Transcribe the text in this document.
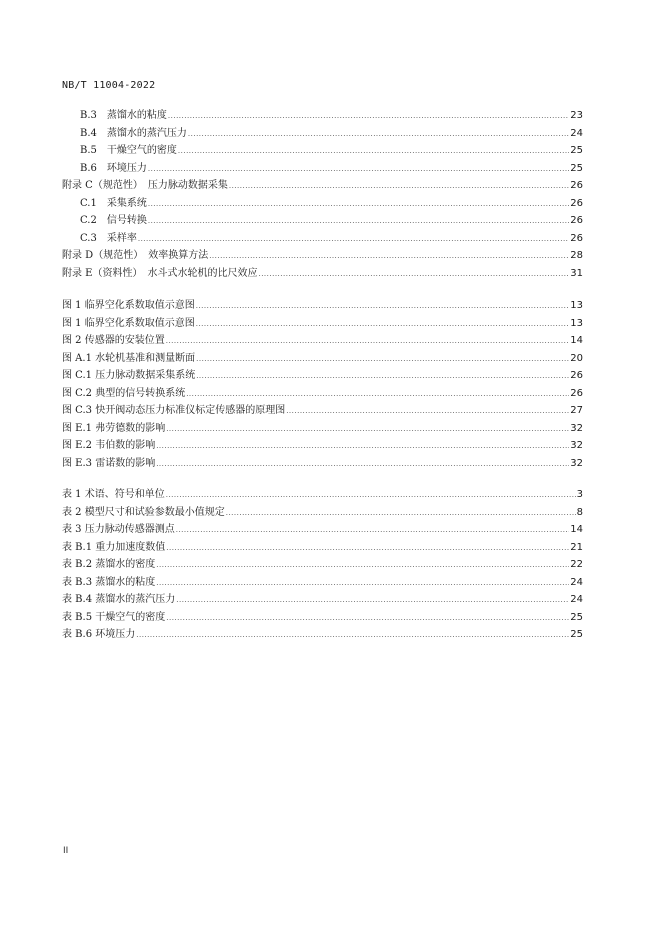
NB/T 11004-2022
B.3　蒸馏水的粘度 .....	23
B.4　蒸馏水的蒸汽压力 .....	24
B.5　干燥空气的密度 .....	25
B.6　环境压力 .....	25
附录 C（规范性）　压力脉动数据采集 .....	26
C.1　采集系统 .....	26
C.2　信号转换 .....	26
C.3　采样率 .....	26
附录 D（规范性）　效率换算方法 .....	28
附录 E（资料性）　水斗式水轮机的比尺效应 .....	31
图 1 临界空化系数取值示意图 .....	13
图 1 临界空化系数取值示意图 .....	13
图 2 传感器的安装位置 .....	14
图 A.1 水轮机基准和测量断面 .....	20
图 C.1 压力脉动数据采集系统 .....	26
图 C.2 典型的信号转换系统 .....	26
图 C.3 快开阀动态压力标准仪标定传感器的原理图 .....	27
图 E.1 弗劳德数的影响 .....	32
图 E.2 韦伯数的影响 .....	32
图 E.3 雷诺数的影响 .....	32
表 1 术语、符号和单位 .....	3
表 2 模型尺寸和试验参数最小值规定 .....	8
表 3 压力脉动传感器测点 .....	14
表 B.1 重力加速度数值 .....	21
表 B.2 蒸馏水的密度 .....	22
表 B.3 蒸馏水的粘度 .....	24
表 B.4 蒸馏水的蒸汽压力 .....	24
表 B.5 干燥空气的密度 .....	25
表 B.6 环境压力 .....	25
II
